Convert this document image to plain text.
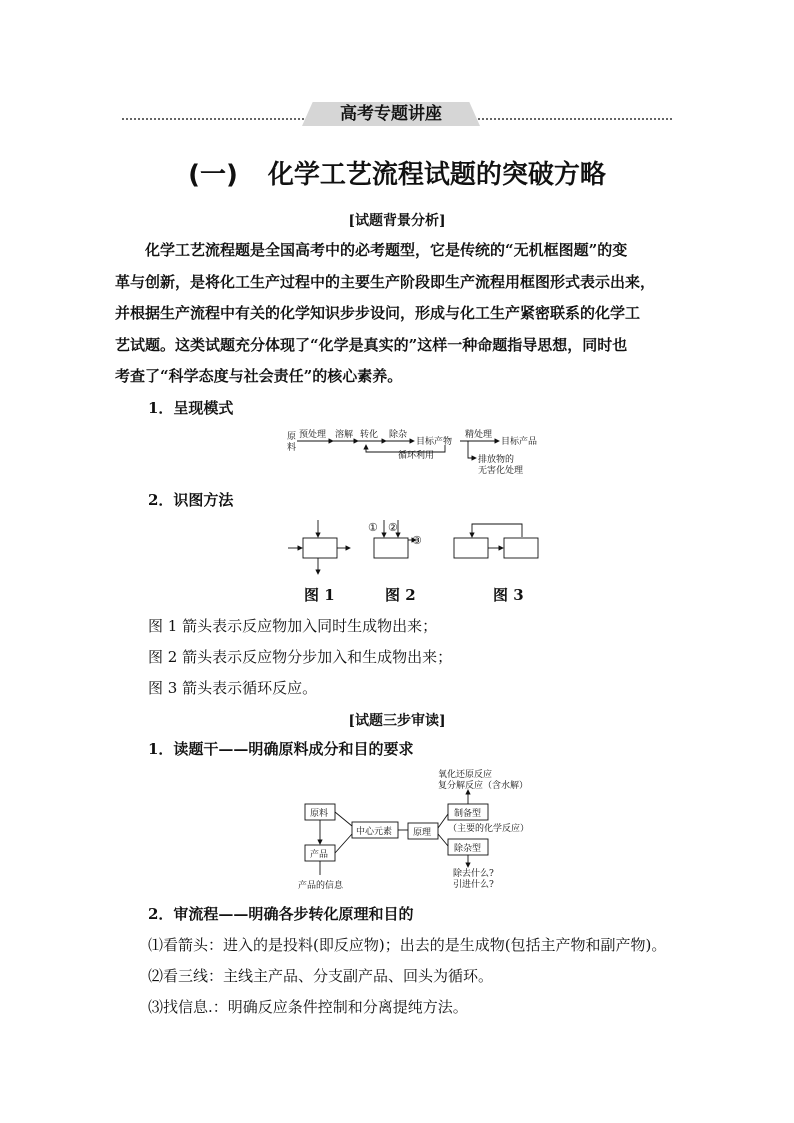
高考专题讲座
(一) 化学工艺流程试题的突破方略
[试题背景分析]

化学工艺流程题是全国高考中的必考题型，它是传统的“无机框图题”的变

革与创新，是将化工生产过程中的主要生产阶段即生产流程用框图形式表示出来，

并根据生产流程中有关的化学知识步步设问，形成与化工生产紧密联系的化学工

艺试题。这类试题充分体现了“化学是真实的”这样一种命题指导思想，同时也

考查了“科学态度与社会责任”的核心素养。

1．呈现模式
原
料
预处理 溶解 转化 除杂
目标产物
精处理
目标产品
循环利用	排放物的
无害化处理
2．识图方法
① ②
③
图 1	图 2	图 3
图 1 箭头表示反应物加入同时生成物出来；
图 2 箭头表示反应物分步加入和生成物出来；
图 3 箭头表示循环反应。
[试题三步审读]
1．读题干——明确原料成分和目的要求
原料
产品
中心元素 原理
制备型
除杂型
产品的信息
氧化还原反应
复分解反应（含水解）
（主要的化学反应）
除去什么?
引进什么?
2．审流程——明确各步转化原理和目的
⑴看箭头：进入的是投料(即反应物)；出去的是生成物(包括主产物和副产物)。
⑵看三线：主线主产品、分支副产品、回头为循环。
⑶找信息.：明确反应条件控制和分离提纯方法。
